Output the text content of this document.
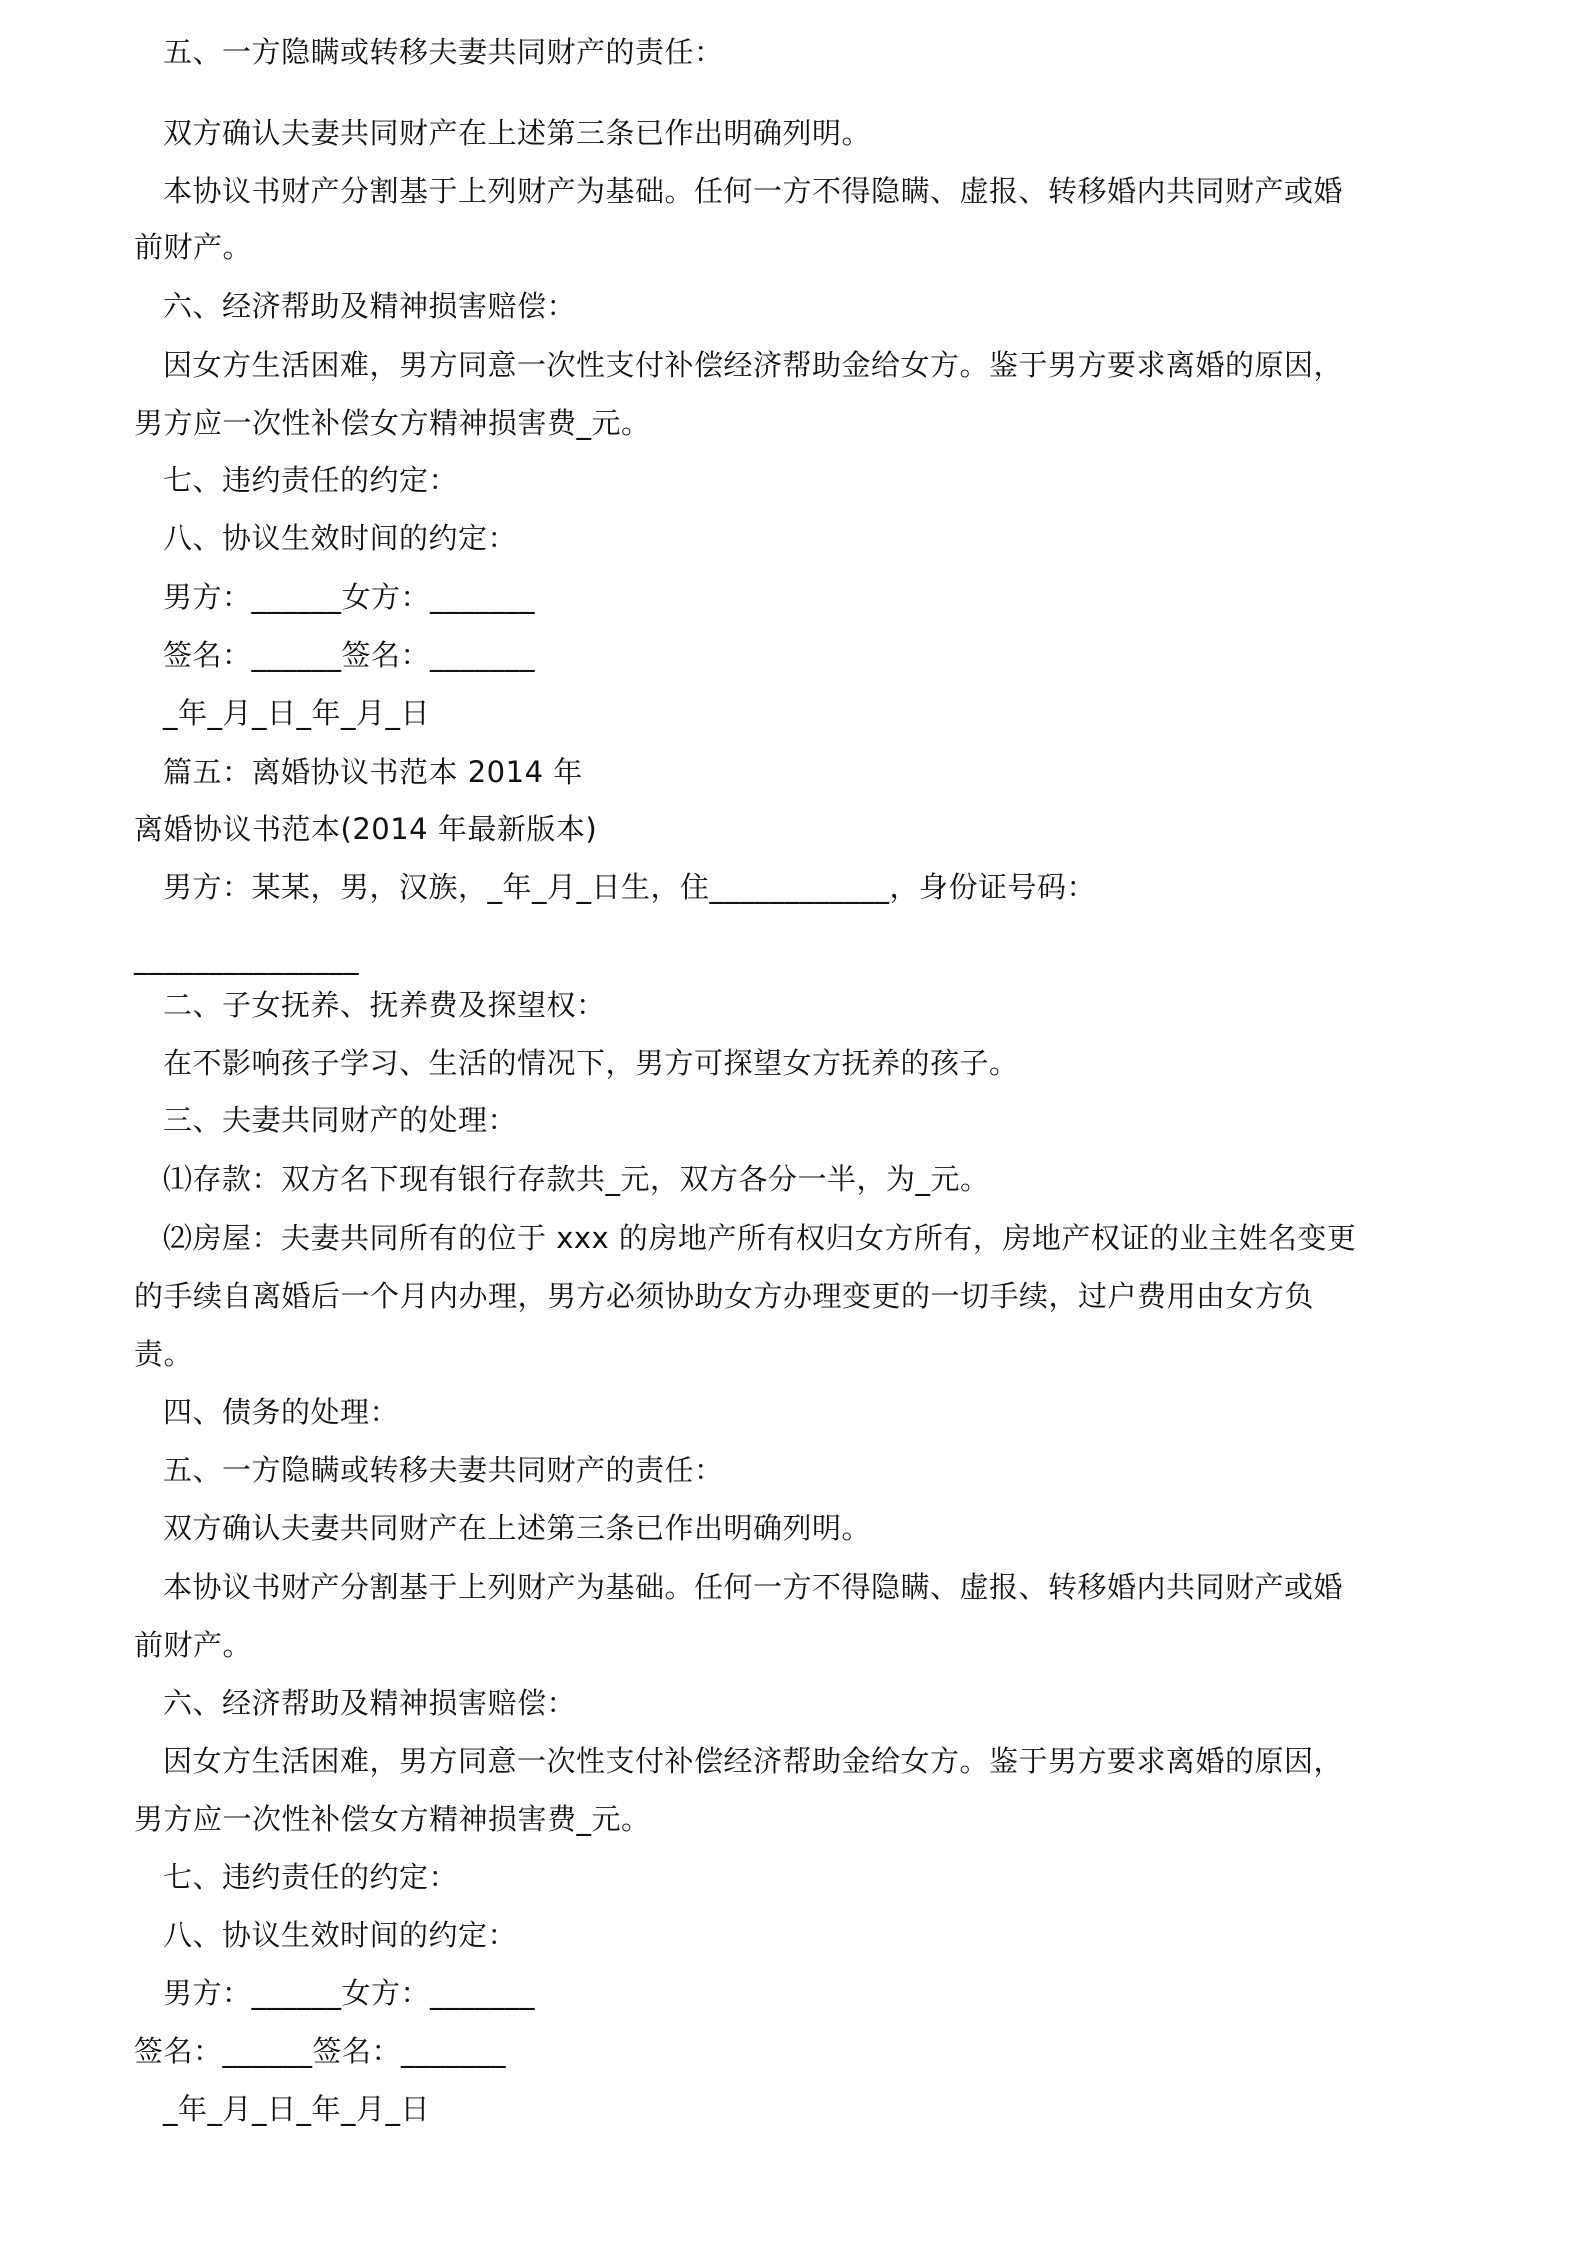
五、一方隐瞒或转移夫妻共同财产的责任：
双方确认夫妻共同财产在上述第三条已作出明确列明。
本协议书财产分割基于上列财产为基础。任何一方不得隐瞒、虚报、转移婚内共同财产或婚
前财产。
六、经济帮助及精神损害赔偿：
因女方生活困难，男方同意一次性支付补偿经济帮助金给女方。鉴于男方要求离婚的原因，
男方应一次性补偿女方精神损害费_元。
七、违约责任的约定：
八、协议生效时间的约定：
男方：______女方：_______
签名：______签名：_______
_年_月_日_年_月_日
篇五：离婚协议书范本 2014 年
离婚协议书范本(2014 年最新版本)
男方：某某，男，汉族，_年_月_日生，住____________，身份证号码：
_______________
二、子女抚养、抚养费及探望权：
在不影响孩子学习、生活的情况下，男方可探望女方抚养的孩子。
三、夫妻共同财产的处理：
⑴存款：双方名下现有银行存款共_元，双方各分一半，为_元。
⑵房屋：夫妻共同所有的位于 xxx 的房地产所有权归女方所有，房地产权证的业主姓名变更
的手续自离婚后一个月内办理，男方必须协助女方办理变更的一切手续，过户费用由女方负
责。
四、债务的处理：
五、一方隐瞒或转移夫妻共同财产的责任：
双方确认夫妻共同财产在上述第三条已作出明确列明。
本协议书财产分割基于上列财产为基础。任何一方不得隐瞒、虚报、转移婚内共同财产或婚
前财产。
六、经济帮助及精神损害赔偿：
因女方生活困难，男方同意一次性支付补偿经济帮助金给女方。鉴于男方要求离婚的原因，
男方应一次性补偿女方精神损害费_元。
七、违约责任的约定：
八、协议生效时间的约定：
男方：______女方：_______
签名：______签名：_______
_年_月_日_年_月_日
